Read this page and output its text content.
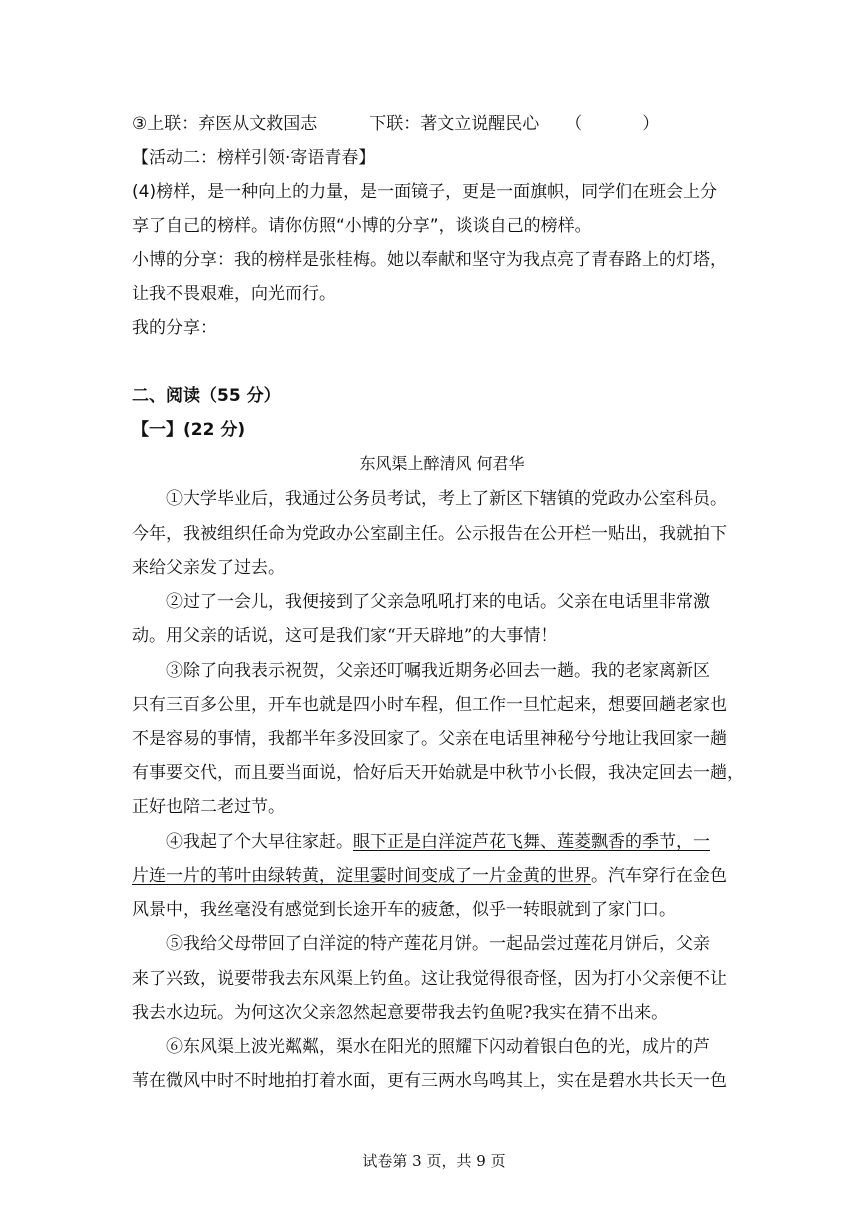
③上联：弃医从文救国志	下联：著文立说醒民心 （	）
【活动二：榜样引领·寄语青春】
(4)榜样，是一种向上的力量，是一面镜子，更是一面旗帜，同学们在班会上分
享了自己的榜样。请你仿照“小博的分享”，谈谈自己的榜样。
小博的分享：我的榜样是张桂梅。她以奉献和坚守为我点亮了青春路上的灯塔，
让我不畏艰难，向光而行。
我的分享：
二、阅读（55 分）
【一】(22 分)
东风渠上醉清风 何君华
①大学毕业后，我通过公务员考试，考上了新区下辖镇的党政办公室科员。
今年，我被组织任命为党政办公室副主任。公示报告在公开栏一贴出，我就拍下
来给父亲发了过去。
②过了一会儿，我便接到了父亲急吼吼打来的电话。父亲在电话里非常激
动。用父亲的话说，这可是我们家“开天辟地”的大事情！
③除了向我表示祝贺，父亲还叮嘱我近期务必回去一趟。我的老家离新区
只有三百多公里，开车也就是四小时车程，但工作一旦忙起来，想要回趟老家也
不是容易的事情，我都半年多没回家了。父亲在电话里神秘兮兮地让我回家一趟
有事要交代，而且要当面说，恰好后天开始就是中秋节小长假，我决定回去一趟，
正好也陪二老过节。
④我起了个大早往家赶。眼下正是白洋淀芦花飞舞、莲菱飘香的季节，一
片连一片的苇叶由绿转黄，淀里霎时间变成了一片金黄的世界。汽车穿行在金色
风景中，我丝毫没有感觉到长途开车的疲惫，似乎一转眼就到了家门口。
⑤我给父母带回了白洋淀的特产莲花月饼。一起品尝过莲花月饼后，父亲
来了兴致，说要带我去东风渠上钓鱼。这让我觉得很奇怪，因为打小父亲便不让
我去水边玩。为何这次父亲忽然起意要带我去钓鱼呢?我实在猜不出来。
⑥东风渠上波光粼粼，渠水在阳光的照耀下闪动着银白色的光，成片的芦
苇在微风中时不时地拍打着水面，更有三两水鸟鸣其上，实在是碧水共长天一色
试卷第 3 页，共 9 页
